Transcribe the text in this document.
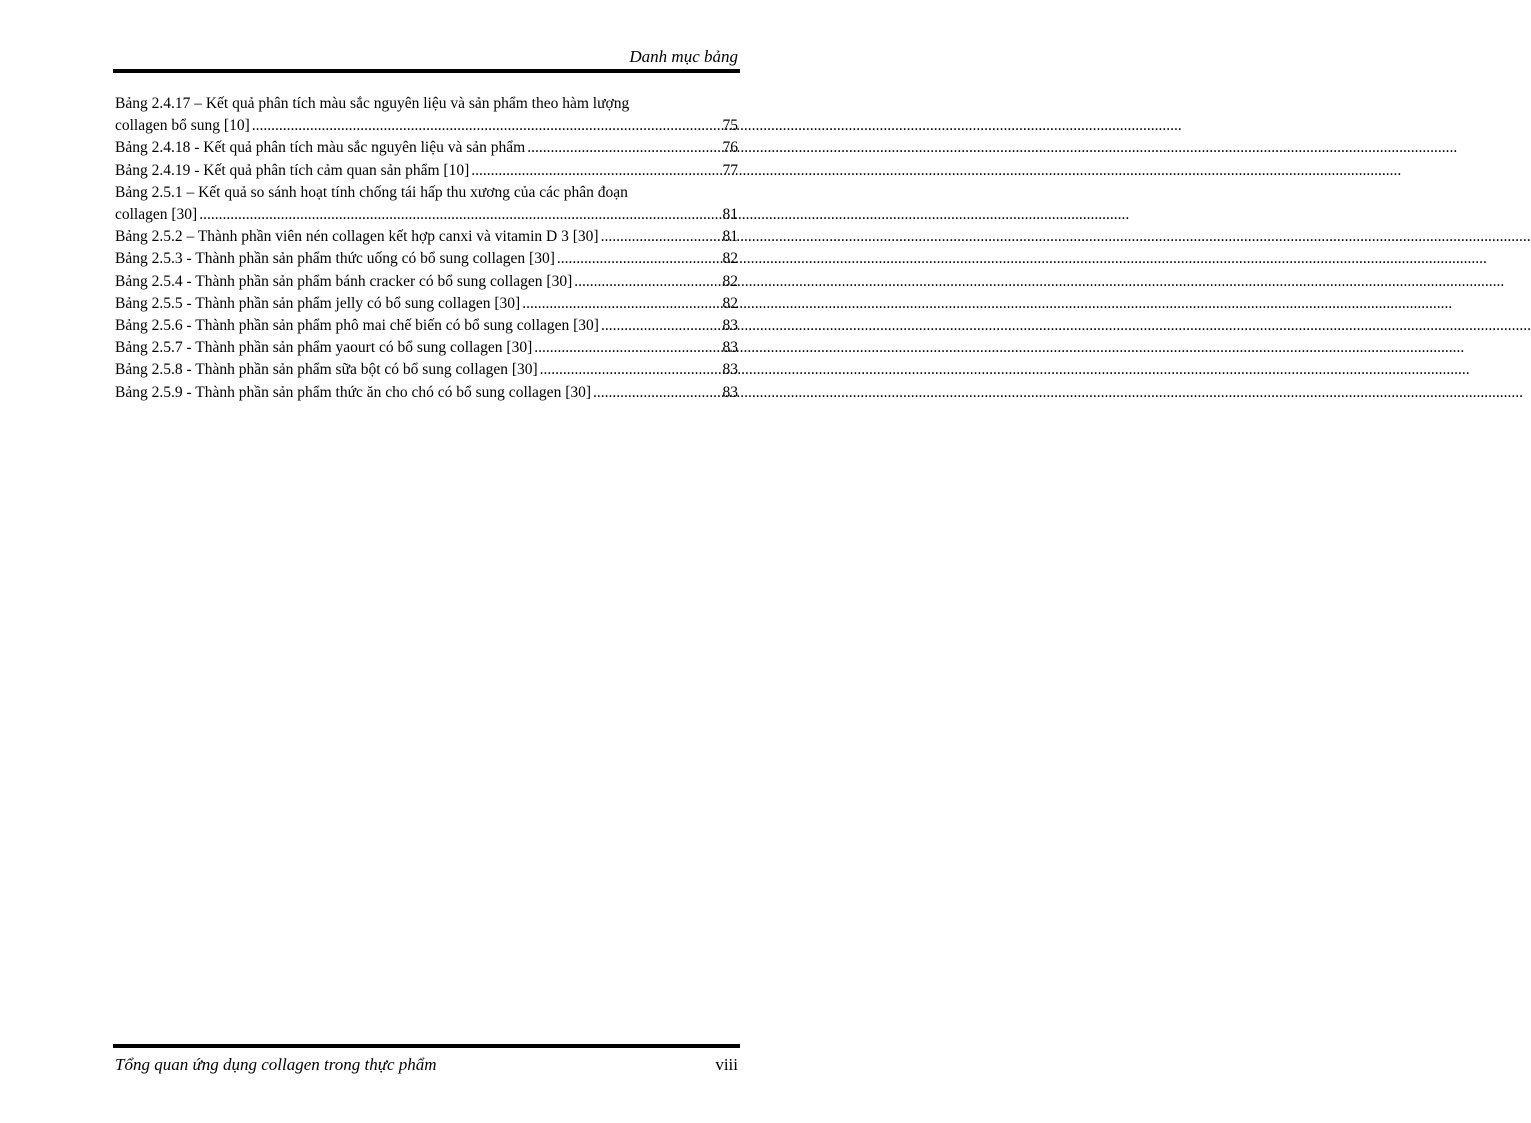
Danh mục bảng
Bảng 2.4.17 – Kết quả phân tích màu sắc nguyên liệu và sản phẩm theo hàm lượng
collagen bổ sung [10] .....	75
Bảng 2.4.18 - Kết quả phân tích màu sắc nguyên liệu và sản phẩm .....	76
Bảng 2.4.19 - Kết quả phân tích cảm quan sản phẩm [10] .....	77
Bảng 2.5.1 – Kết quả so sánh hoạt tính chống tái hấp thu xương của các phân đoạn
collagen [30] .....	81
Bảng 2.5.2 – Thành phần viên nén collagen kết hợp canxi và vitamin D 3 [30] .....	81
Bảng 2.5.3 - Thành phần sản phẩm thức uống có bổ sung collagen [30] .....	82
Bảng 2.5.4 - Thành phần sản phẩm bánh cracker có bổ sung collagen [30] .....	82
Bảng 2.5.5 - Thành phần sản phẩm jelly có bổ sung collagen [30] .....	82
Bảng 2.5.6 - Thành phần sản phẩm phô mai chế biến có bổ sung collagen [30] .....	83
Bảng 2.5.7 - Thành phần sản phẩm yaourt có bổ sung collagen [30] .....	83
Bảng 2.5.8 - Thành phần sản phẩm sữa bột có bổ sung collagen [30] .....	83
Bảng 2.5.9 - Thành phần sản phẩm thức ăn cho chó có bổ sung collagen [30] .....	83
Tổng quan ứng dụng collagen trong thực phẩm	viii
